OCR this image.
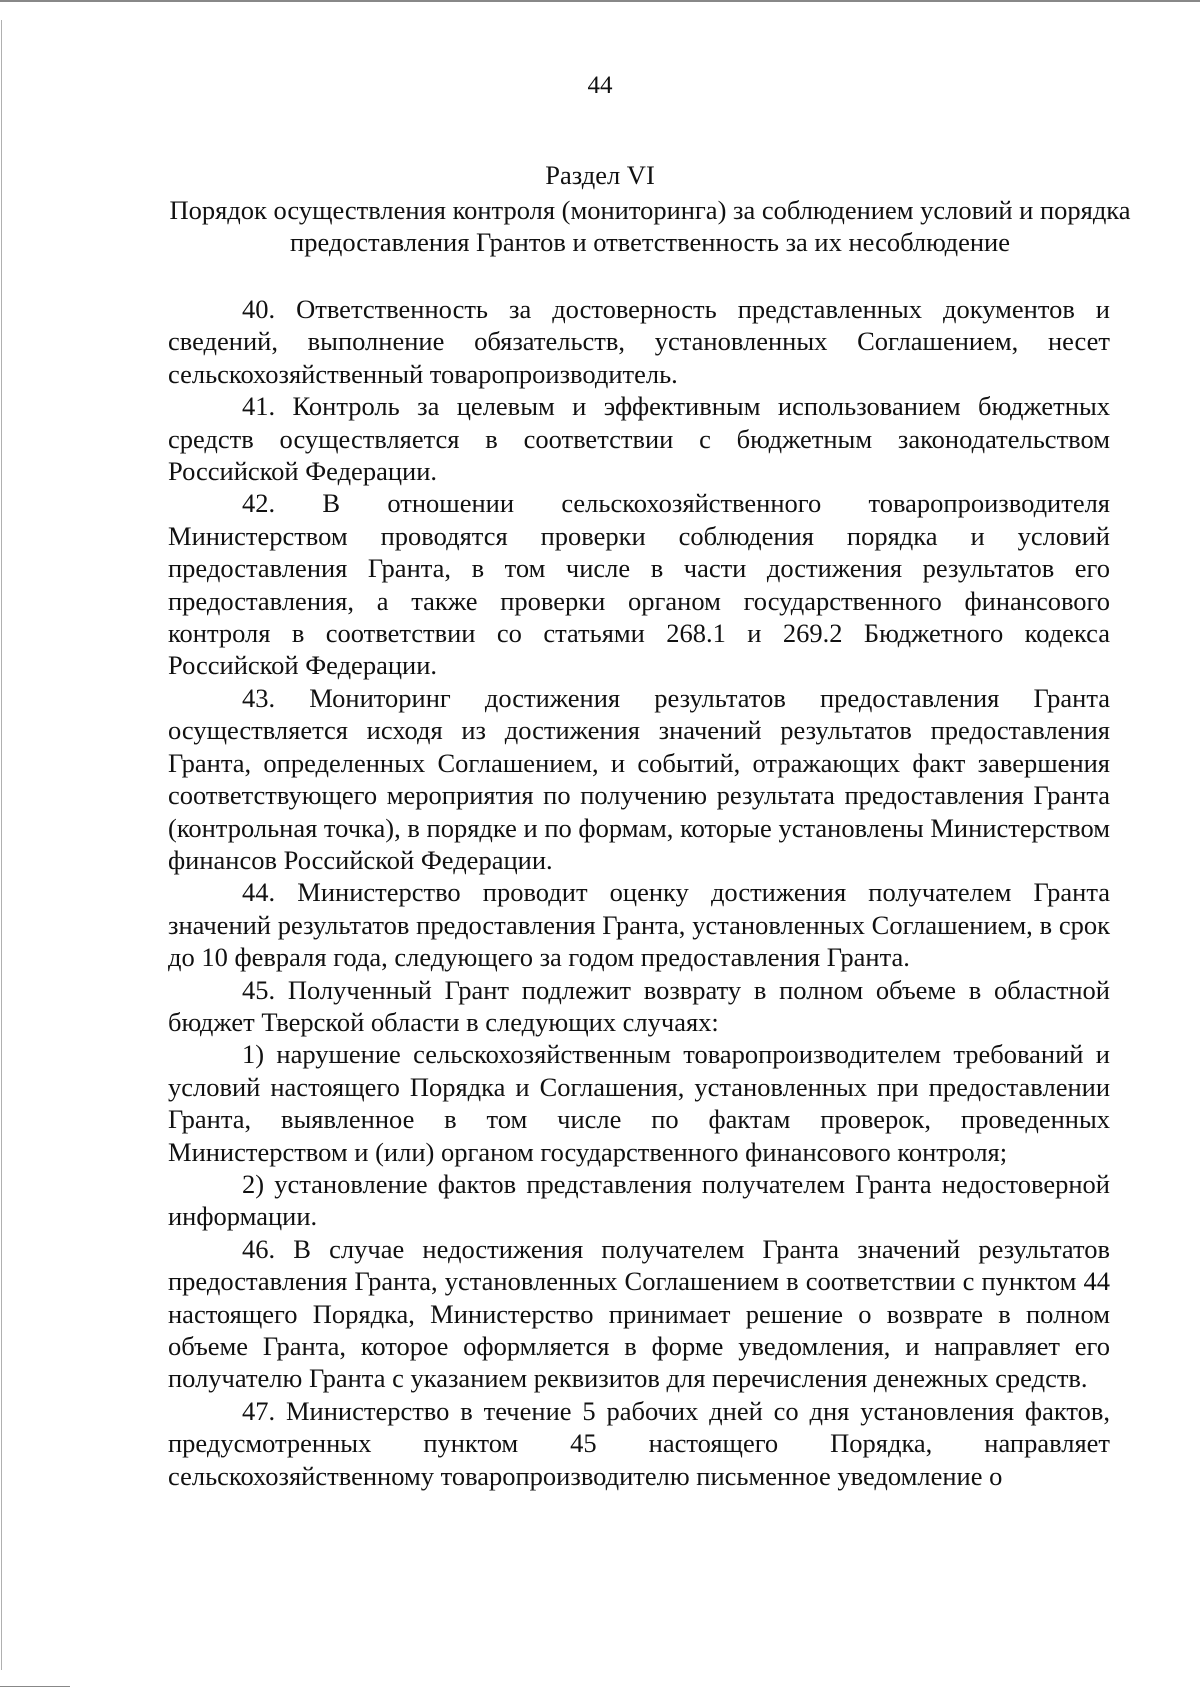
44
Раздел VI

Порядок осуществления контроля (мониторинга) за соблюдением условий и порядка предоставления Грантов и ответственность за их несоблюдение

40. Ответственность за достоверность представленных документов и сведений, выполнение обязательств, установленных Соглашением, несет сельскохозяйственный товаропроизводитель.

41. Контроль за целевым и эффективным использованием бюджетных средств осуществляется в соответствии с бюджетным законодательством Российской Федерации.

42. В отношении сельскохозяйственного товаропроизводителя Министерством проводятся проверки соблюдения порядка и условий предоставления Гранта, в том числе в части достижения результатов его предоставления, а также проверки органом государственного финансового контроля в соответствии со статьями 268.1 и 269.2 Бюджетного кодекса Российской Федерации.

43. Мониторинг достижения результатов предоставления Гранта осуществляется исходя из достижения значений результатов предоставления Гранта, определенных Соглашением, и событий, отражающих факт завершения соответствующего мероприятия по получению результата предоставления Гранта (контрольная точка), в порядке и по формам, которые установлены Министерством финансов Российской Федерации.

44. Министерство проводит оценку достижения получателем Гранта значений результатов предоставления Гранта, установленных Соглашением, в срок до 10 февраля года, следующего за годом предоставления Гранта.

45. Полученный Грант подлежит возврату в полном объеме в областной бюджет Тверской области в следующих случаях:

1) нарушение сельскохозяйственным товаропроизводителем требований и условий настоящего Порядка и Соглашения, установленных при предоставлении Гранта, выявленное в том числе по фактам проверок, проведенных Министерством и (или) органом государственного финансового контроля;

2) установление фактов представления получателем Гранта недостоверной информации.

46. В случае недостижения получателем Гранта значений результатов предоставления Гранта, установленных Соглашением в соответствии с пунктом 44 настоящего Порядка, Министерство принимает решение о возврате в полном объеме Гранта, которое оформляется в форме уведомления, и направляет его получателю Гранта с указанием реквизитов для перечисления денежных средств.

47. Министерство в течение 5 рабочих дней со дня установления фактов, предусмотренных пунктом 45 настоящего Порядка, направляет сельскохозяйственному товаропроизводителю письменное уведомление о
